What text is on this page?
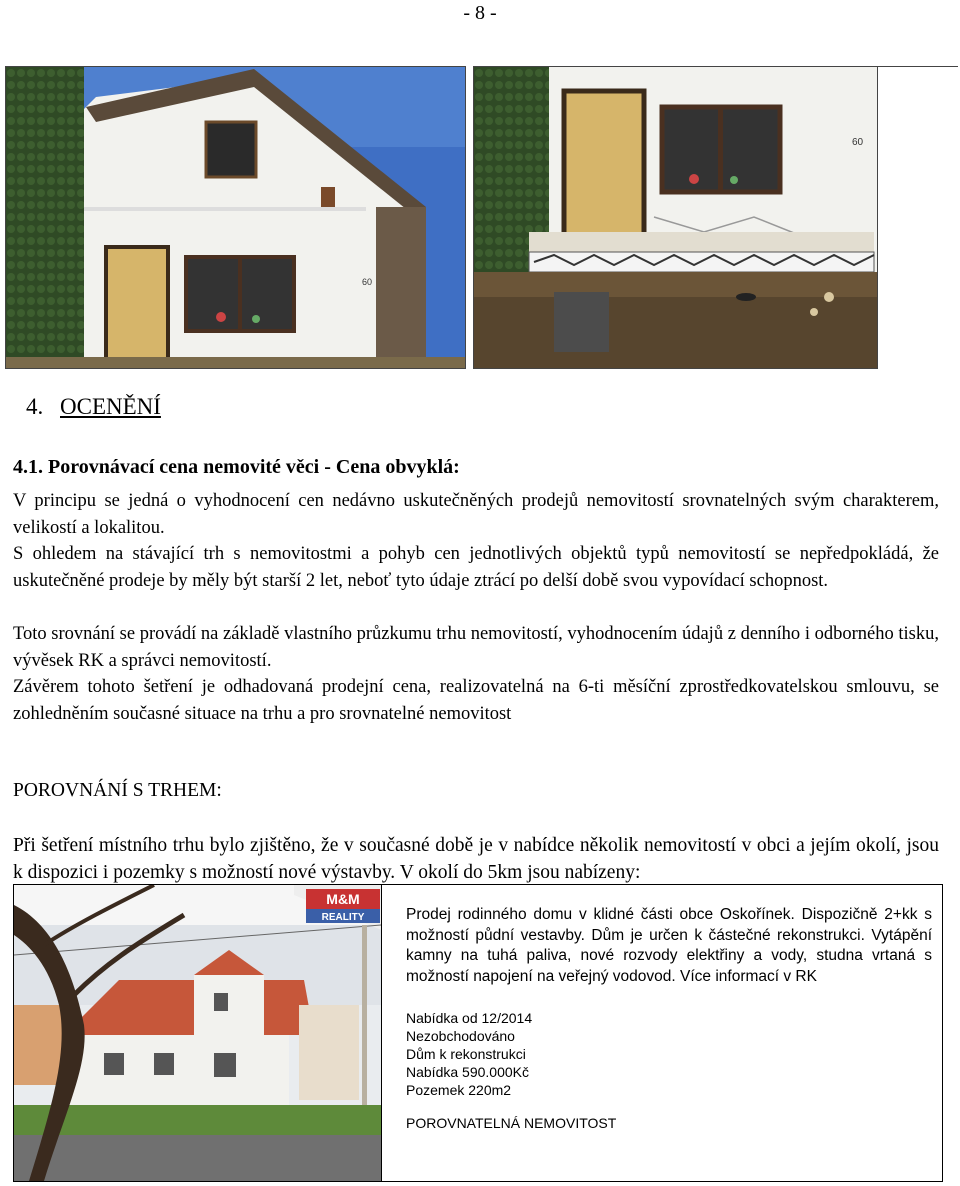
- 8 -
60
60
4. OCENĚNÍ
4.1. Porovnávací cena nemovité věci - Cena obvyklá:
V principu se jedná o vyhodnocení cen nedávno uskutečněných prodejů nemovitostí srovnatelných svým charakterem, velikostí a lokalitou.
S ohledem na stávající trh s nemovitostmi a pohyb cen jednotlivých objektů typů nemovitostí se nepředpokládá, že uskutečněné prodeje by měly být starší 2 let, neboť tyto údaje ztrácí po delší době svou vypovídací schopnost.
Toto srovnání se provádí na základě vlastního průzkumu trhu nemovitostí, vyhodnocením údajů z denního i odborného tisku, vývěsek RK a správci nemovitostí.
Závěrem tohoto šetření je odhadovaná prodejní cena, realizovatelná na 6-ti měsíční zprostředkovatelskou smlouvu, se zohledněním současné situace na trhu a pro srovnatelné nemovitost
POROVNÁNÍ S TRHEM:
Při šetření místního trhu bylo zjištěno, že v současné době je v nabídce několik nemovitostí v obci a jejím okolí, jsou k dispozici i pozemky s možností nové výstavby. V okolí do 5km jsou nabízeny:
M&M
REALITY	Prodej rodinného domu v klidné části obce Oskořínek. Dispozičně 2+kk s možností půdní vestavby. Dům je určen k částečné rekonstrukci. Vytápění kamny na tuhá paliva, nové rozvody elektřiny a vody, studna vrtaná s možností napojení na veřejný vodovod. Více informací v RK
Nabídka od 12/2014
Nezobchodováno
Dům k rekonstrukci
Nabídka 590.000Kč
Pozemek 220m2
POROVNATELNÁ NEMOVITOST
